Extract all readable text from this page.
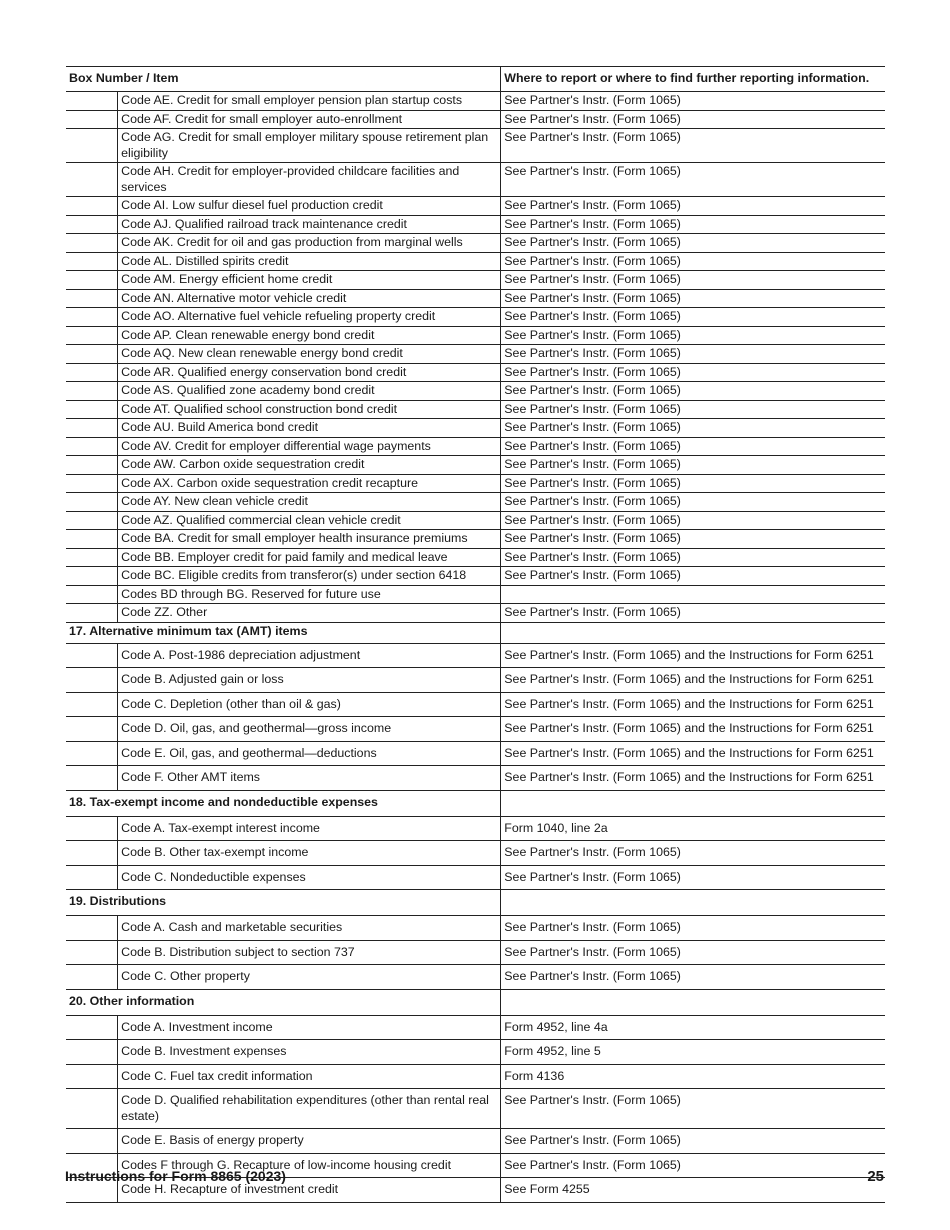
Box Number / Item		Where to report or where to find further reporting information.
	Code AE. Credit for small employer pension plan startup costs	See Partner's Instr. (Form 1065)
	Code AF. Credit for small employer auto-enrollment	See Partner's Instr. (Form 1065)
	Code AG. Credit for small employer military spouse retirement plan eligibility	See Partner's Instr. (Form 1065)
	Code AH. Credit for employer-provided childcare facilities and services	See Partner's Instr. (Form 1065)
	Code AI. Low sulfur diesel fuel production credit	See Partner's Instr. (Form 1065)
	Code AJ. Qualified railroad track maintenance credit	See Partner's Instr. (Form 1065)
	Code AK. Credit for oil and gas production from marginal wells	See Partner's Instr. (Form 1065)
	Code AL. Distilled spirits credit	See Partner's Instr. (Form 1065)
	Code AM. Energy efficient home credit	See Partner's Instr. (Form 1065)
	Code AN. Alternative motor vehicle credit	See Partner's Instr. (Form 1065)
	Code AO. Alternative fuel vehicle refueling property credit	See Partner's Instr. (Form 1065)
	Code AP. Clean renewable energy bond credit	See Partner's Instr. (Form 1065)
	Code AQ. New clean renewable energy bond credit	See Partner's Instr. (Form 1065)
	Code AR. Qualified energy conservation bond credit	See Partner's Instr. (Form 1065)
	Code AS. Qualified zone academy bond credit	See Partner's Instr. (Form 1065)
	Code AT. Qualified school construction bond credit	See Partner's Instr. (Form 1065)
	Code AU. Build America bond credit	See Partner's Instr. (Form 1065)
	Code AV. Credit for employer differential wage payments	See Partner's Instr. (Form 1065)
	Code AW. Carbon oxide sequestration credit	See Partner's Instr. (Form 1065)
	Code AX. Carbon oxide sequestration credit recapture	See Partner's Instr. (Form 1065)
	Code AY. New clean vehicle credit	See Partner's Instr. (Form 1065)
	Code AZ. Qualified commercial clean vehicle credit	See Partner's Instr. (Form 1065)
	Code BA. Credit for small employer health insurance premiums	See Partner's Instr. (Form 1065)
	Code BB. Employer credit for paid family and medical leave	See Partner's Instr. (Form 1065)
	Code BC. Eligible credits from transferor(s) under section 6418	See Partner's Instr. (Form 1065)
	Codes BD through BG. Reserved for future use	
	Code ZZ. Other	See Partner's Instr. (Form 1065)
17. Alternative minimum tax (AMT) items		
	Code A. Post-1986 depreciation adjustment	See Partner's Instr. (Form 1065) and the Instructions for Form 6251
	Code B. Adjusted gain or loss	See Partner's Instr. (Form 1065) and the Instructions for Form 6251
	Code C. Depletion (other than oil & gas)	See Partner's Instr. (Form 1065) and the Instructions for Form 6251
	Code D. Oil, gas, and geothermal—gross income	See Partner's Instr. (Form 1065) and the Instructions for Form 6251
	Code E. Oil, gas, and geothermal—deductions	See Partner's Instr. (Form 1065) and the Instructions for Form 6251
	Code F. Other AMT items	See Partner's Instr. (Form 1065) and the Instructions for Form 6251
18. Tax-exempt income and nondeductible expenses		
	Code A. Tax-exempt interest income	Form 1040, line 2a
	Code B. Other tax-exempt income	See Partner's Instr. (Form 1065)
	Code C. Nondeductible expenses	See Partner's Instr. (Form 1065)
19. Distributions		
	Code A. Cash and marketable securities	See Partner's Instr. (Form 1065)
	Code B. Distribution subject to section 737	See Partner's Instr. (Form 1065)
	Code C. Other property	See Partner's Instr. (Form 1065)
20. Other information		
	Code A. Investment income	Form 4952, line 4a
	Code B. Investment expenses	Form 4952, line 5
	Code C. Fuel tax credit information	Form 4136
	Code D. Qualified rehabilitation expenditures (other than rental real estate)	See Partner's Instr. (Form 1065)
	Code E. Basis of energy property	See Partner's Instr. (Form 1065)
	Codes F through G. Recapture of low-income housing credit	See Partner's Instr. (Form 1065)
	Code H. Recapture of investment credit	See Form 4255
Instructions for Form 8865 (2023)	25
